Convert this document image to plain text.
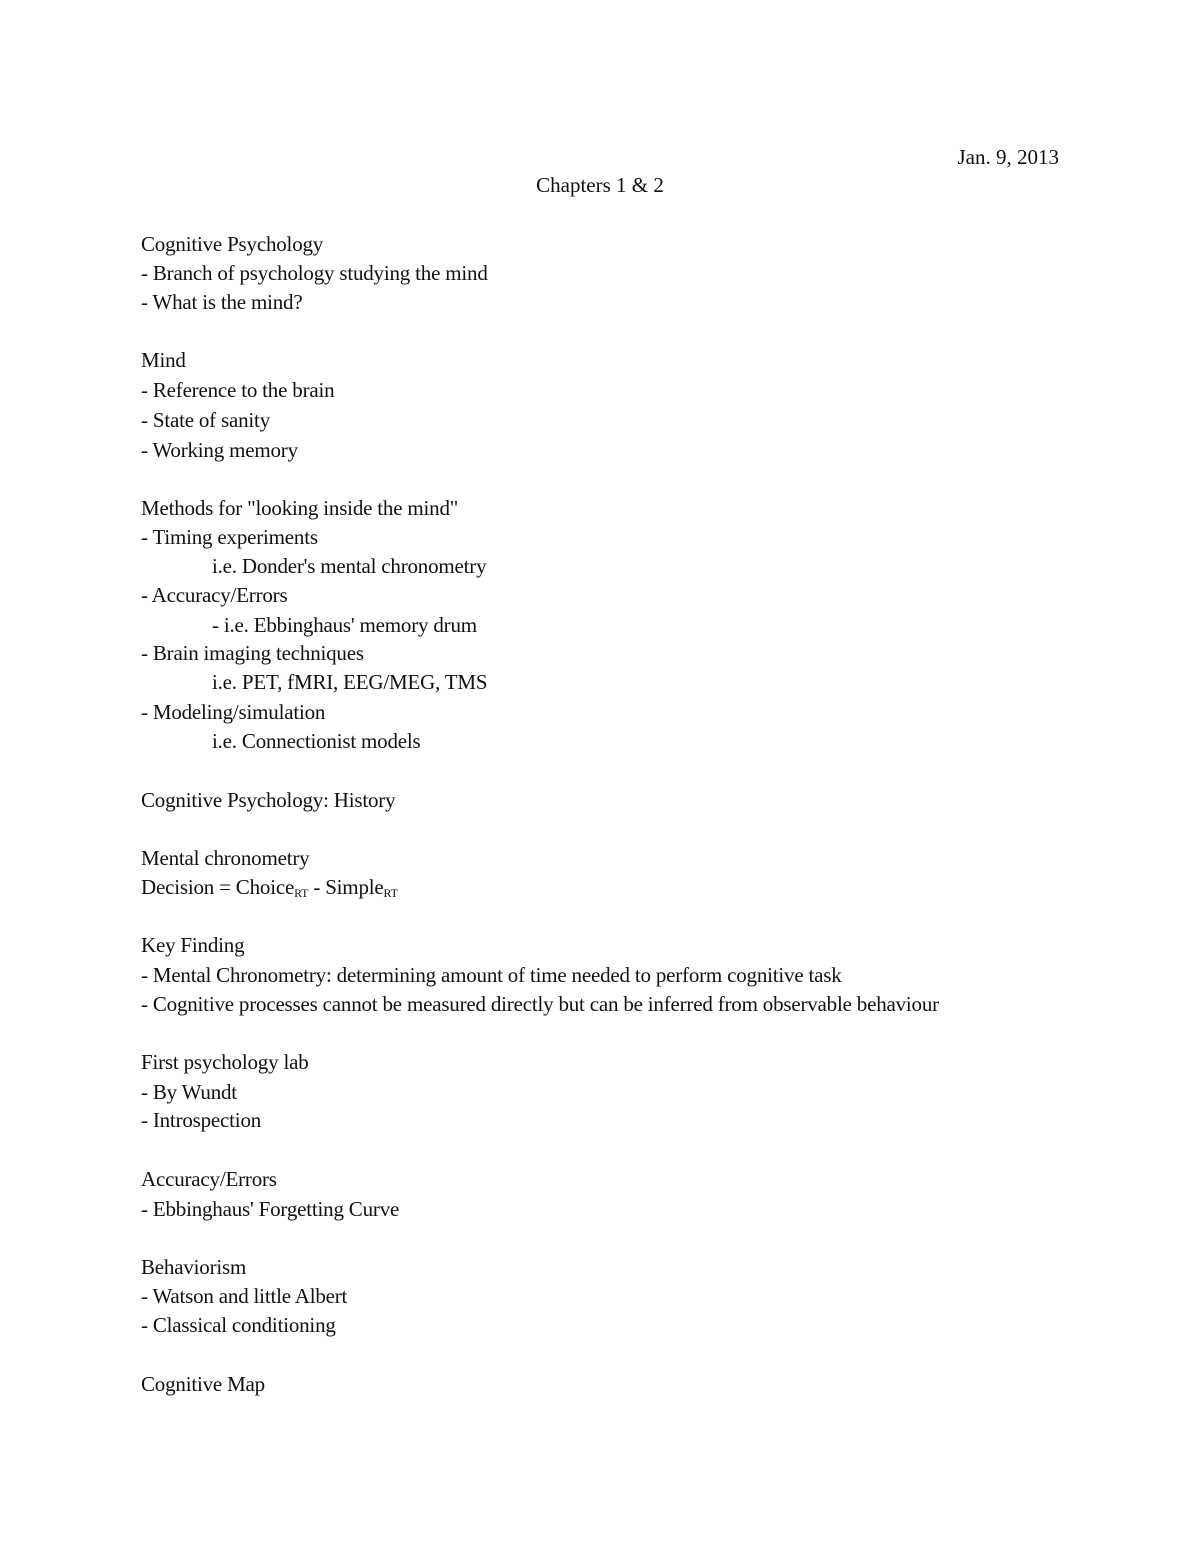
Jan. 9, 2013
Chapters 1 & 2
Cognitive Psychology
- Branch of psychology studying the mind
- What is the mind?
Mind
- Reference to the brain
- State of sanity
- Working memory
Methods for "looking inside the mind"
- Timing experiments
i.e. Donder's mental chronometry
- Accuracy/Errors
- i.e. Ebbinghaus' memory drum
- Brain imaging techniques
i.e. PET, fMRI, EEG/MEG, TMS
- Modeling/simulation
i.e. Connectionist models
Cognitive Psychology: History
Mental chronometry
Decision = Choice$_{RT}$ - Simple$_{RT}$
Key Finding
- Mental Chronometry: determining amount of time needed to perform cognitive task
- Cognitive processes cannot be measured directly but can be inferred from observable behaviour
First psychology lab
- By Wundt
- Introspection
Accuracy/Errors
- Ebbinghaus' Forgetting Curve
Behaviorism
- Watson and little Albert
- Classical conditioning
Cognitive Map
